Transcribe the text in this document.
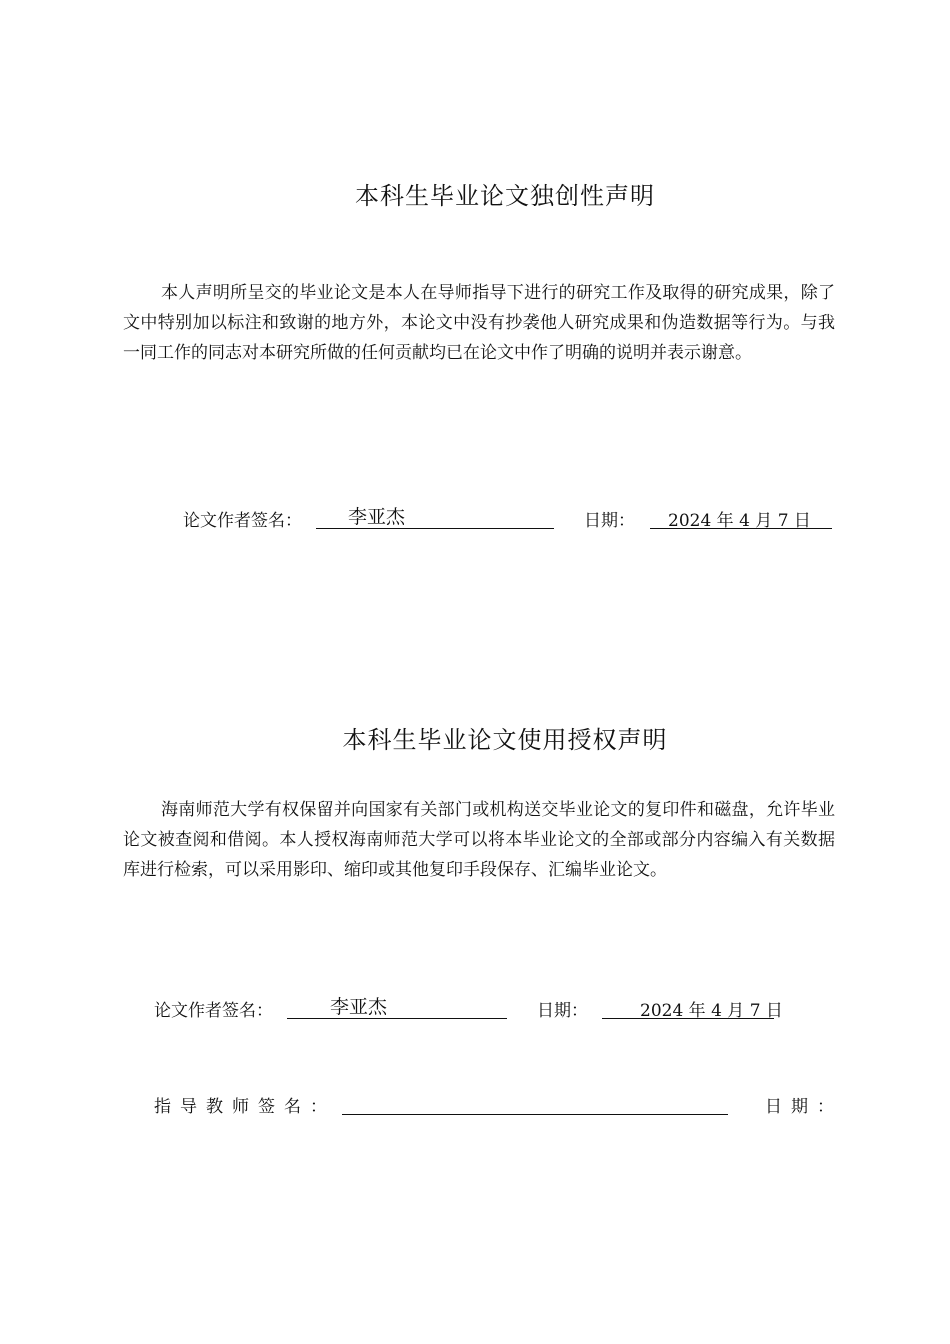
本科生毕业论文独创性声明

本人声明所呈交的毕业论文是本人在导师指导下进行的研究工作及取得的研究成果，除了文中特别加以标注和致谢的地方外，本论文中没有抄袭他人研究成果和伪造数据等行为。与我一同工作的同志对本研究所做的任何贡献均已在论文中作了明确的说明并表示谢意。

论文作者签名： 李亚杰	日期： 2024 年 4 月 7 日
本科生毕业论文使用授权声明

海南师范大学有权保留并向国家有关部门或机构送交毕业论文的复印件和磁盘，允许毕业论文被查阅和借阅。本人授权海南师范大学可以将本毕业论文的全部或部分内容编入有关数据库进行检索，可以采用影印、缩印或其他复印手段保存、汇编毕业论文。

论文作者签名：	李亚杰	日期：	2024 年 4 月 7 日
指导教师签名：	日期：
